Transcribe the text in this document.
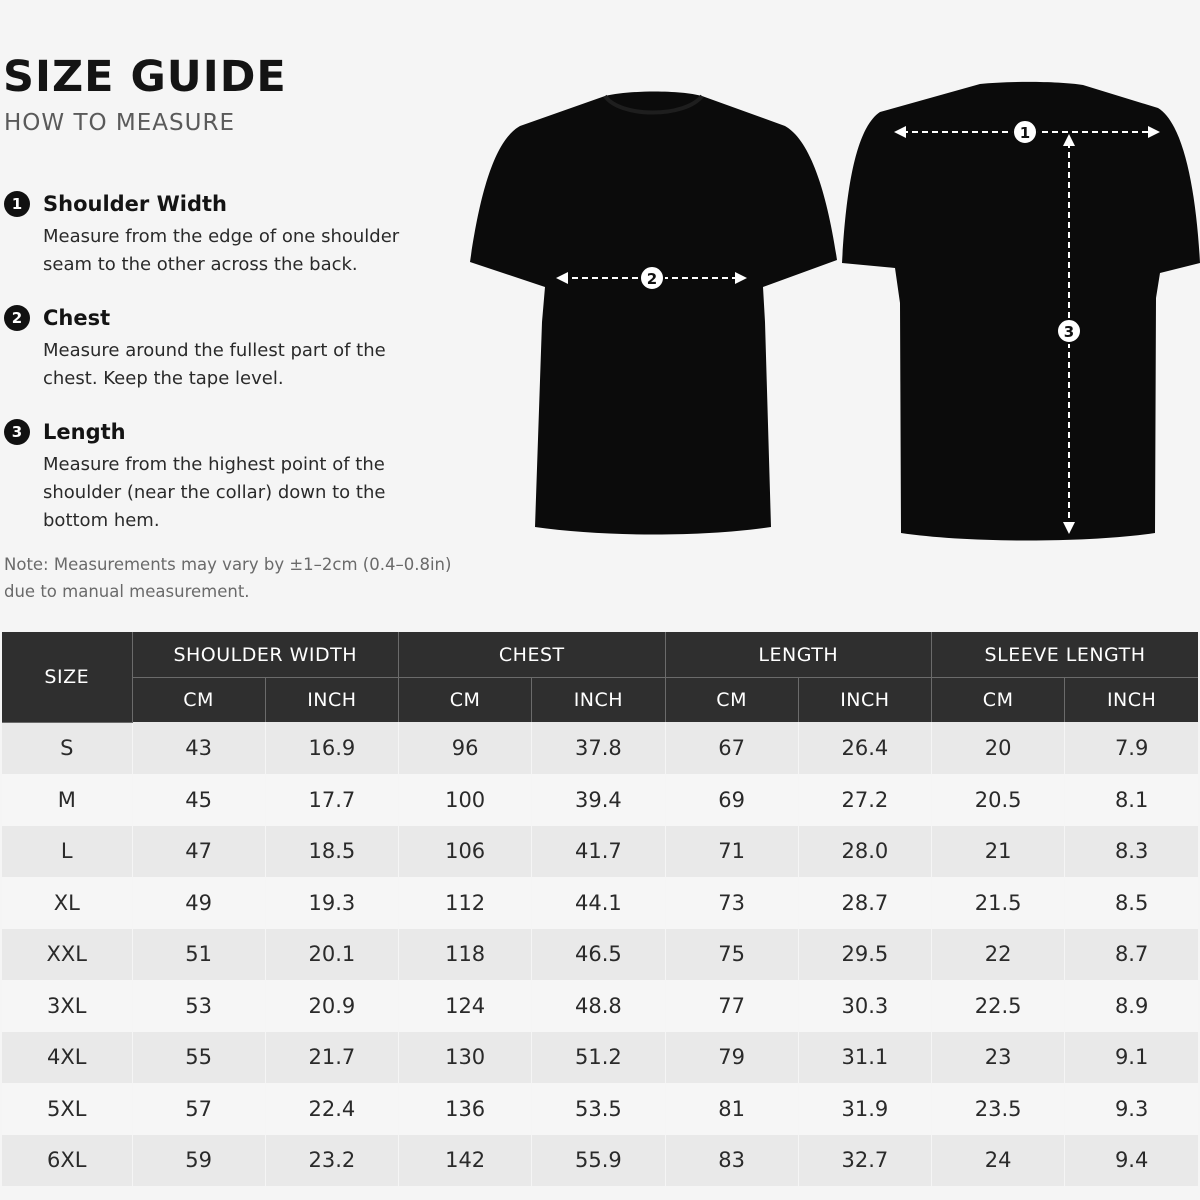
SIZE GUIDE
HOW TO MEASURE
1 Shoulder Width
Measure from the edge of one shoulder seam to the other across the back.
2 Chest
Measure around the fullest part of the chest. Keep the tape level.
3 Length
Measure from the highest point of the shoulder (near the collar) down to the bottom hem.
Note: Measurements may vary by ±1–2cm (0.4–0.8in) due to manual measurement.
2
1
3
SIZE	SHOULDER WIDTH		CHEST		LENGTH		SLEEVE LENGTH	
	CM	INCH	CM	INCH	CM	INCH	CM	INCH
S	43	16.9	96	37.8	67	26.4	20	7.9
M	45	17.7	100	39.4	69	27.2	20.5	8.1
L	47	18.5	106	41.7	71	28.0	21	8.3
XL	49	19.3	112	44.1	73	28.7	21.5	8.5
XXL	51	20.1	118	46.5	75	29.5	22	8.7
3XL	53	20.9	124	48.8	77	30.3	22.5	8.9
4XL	55	21.7	130	51.2	79	31.1	23	9.1
5XL	57	22.4	136	53.5	81	31.9	23.5	9.3
6XL	59	23.2	142	55.9	83	32.7	24	9.4
